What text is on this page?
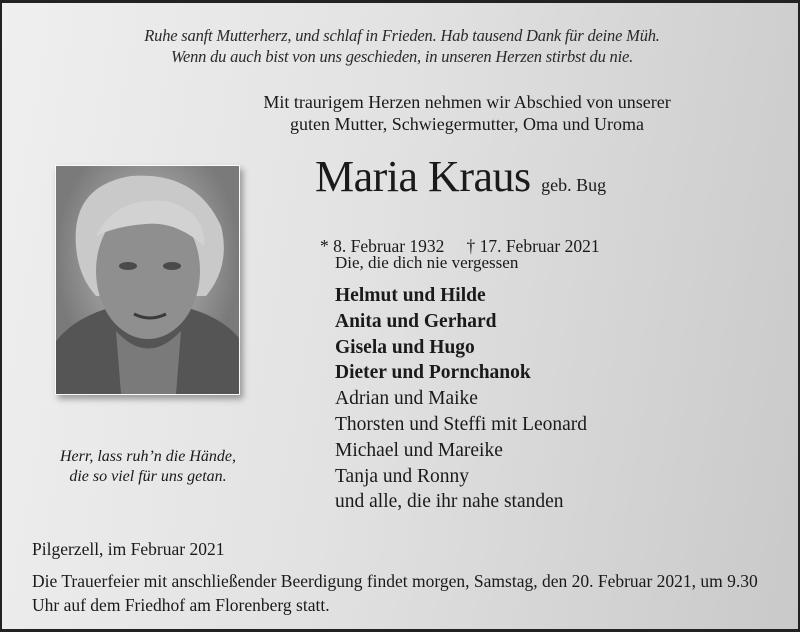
Ruhe sanft Mutterherz, und schlaf in Frieden. Hab tausend Dank für deine Müh.
Wenn du auch bist von uns geschieden, in unseren Herzen stirbst du nie.
Mit traurigem Herzen nehmen wir Abschied von unserer
guten Mutter, Schwiegermutter, Oma und Uroma
Maria Kraus geb. Bug
* 8. Februar 1932 † 17. Februar 2021
Die, die dich nie vergessen
Helmut und Hilde
Anita und Gerhard
Gisela und Hugo
Dieter und Pornchanok
Adrian und Maike
Thorsten und Steffi mit Leonard
Michael und Mareike
Tanja und Ronny
und alle, die ihr nahe standen
Herr, lass ruh’n die Hände,
die so viel für uns getan.
Pilgerzell, im Februar 2021
Die Trauerfeier mit anschließender Beerdigung findet morgen, Samstag, den 20. Februar 2021, um 9.30 Uhr auf dem Friedhof am Florenberg statt.
